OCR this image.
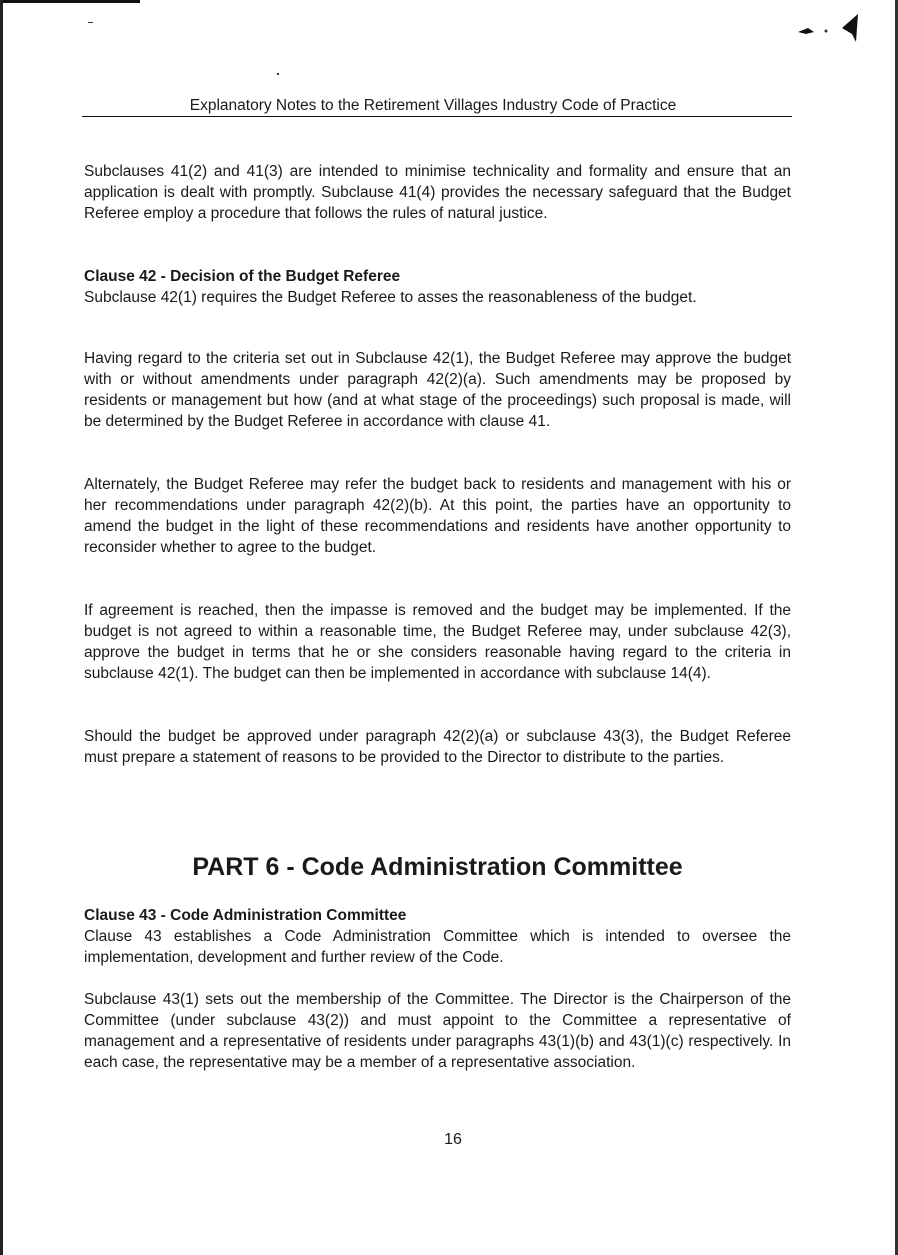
Explanatory Notes to the Retirement Villages Industry Code of Practice

Subclauses 41(2) and 41(3) are intended to minimise technicality and formality and ensure that an application is dealt with promptly. Subclause 41(4) provides the necessary safeguard that the Budget Referee employ a procedure that follows the rules of natural justice.

Clause 42 - Decision of the Budget Referee

Subclause 42(1) requires the Budget Referee to asses the reasonableness of the budget.

Having regard to the criteria set out in Subclause 42(1), the Budget Referee may approve the budget with or without amendments under paragraph 42(2)(a). Such amendments may be proposed by residents or management but how (and at what stage of the proceedings) such proposal is made, will be determined by the Budget Referee in accordance with clause 41.

Alternately, the Budget Referee may refer the budget back to residents and management with his or her recommendations under paragraph 42(2)(b). At this point, the parties have an opportunity to amend the budget in the light of these recommendations and residents have another opportunity to reconsider whether to agree to the budget.

If agreement is reached, then the impasse is removed and the budget may be implemented. If the budget is not agreed to within a reasonable time, the Budget Referee may, under subclause 42(3), approve the budget in terms that he or she considers reasonable having regard to the criteria in subclause 42(1). The budget can then be implemented in accordance with subclause 14(4).

Should the budget be approved under paragraph 42(2)(a) or subclause 43(3), the Budget Referee must prepare a statement of reasons to be provided to the Director to distribute to the parties.

PART 6 - Code Administration Committee

Clause 43 - Code Administration Committee

Clause 43 establishes a Code Administration Committee which is intended to oversee the implementation, development and further review of the Code.

Subclause 43(1) sets out the membership of the Committee. The Director is the Chairperson of the Committee (under subclause 43(2)) and must appoint to the Committee a representative of management and a representative of residents under paragraphs 43(1)(b) and 43(1)(c) respectively. In each case, the representative may be a member of a representative association.

16
